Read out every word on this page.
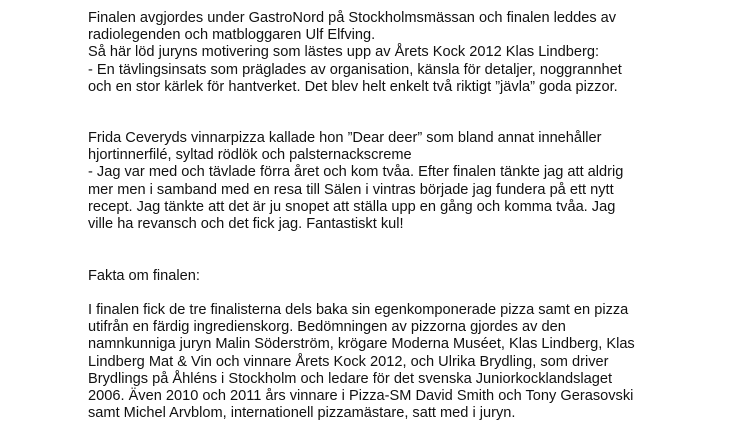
Finalen avgjordes under GastroNord på Stockholmsmässan och finalen leddes av
radiolegenden och matbloggaren Ulf Elfving.
Så här löd juryns motivering som lästes upp av Årets Kock 2012 Klas Lindberg:
- En tävlingsinsats som präglades av organisation, känsla för detaljer, noggrannhet
och en stor kärlek för hantverket. Det blev helt enkelt två riktigt ”jävla” goda pizzor.
Frida Ceveryds vinnarpizza kallade hon ”Dear deer” som bland annat innehåller
hjortinnerfilé, syltad rödlök och palsternackscreme
- Jag var med och tävlade förra året och kom tvåa. Efter finalen tänkte jag att aldrig
mer men i samband med en resa till Sälen i vintras började jag fundera på ett nytt
recept. Jag tänkte att det är ju snopet att ställa upp en gång och komma tvåa. Jag
ville ha revansch och det fick jag. Fantastiskt kul!
Fakta om finalen:
I finalen fick de tre finalisterna dels baka sin egenkomponerade pizza samt en pizza
utifrån en färdig ingredienskorg. Bedömningen av pizzorna gjordes av den
namnkunniga juryn Malin Söderström, krögare Moderna Muséet, Klas Lindberg, Klas
Lindberg Mat & Vin och vinnare Årets Kock 2012, och Ulrika Brydling, som driver
Brydlings på Åhléns i Stockholm och ledare för det svenska Juniorkocklandslaget
2006. Även 2010 och 2011 års vinnare i Pizza-SM David Smith och Tony Gerasovski
samt Michel Arvblom, internationell pizzamästare, satt med i juryn.
